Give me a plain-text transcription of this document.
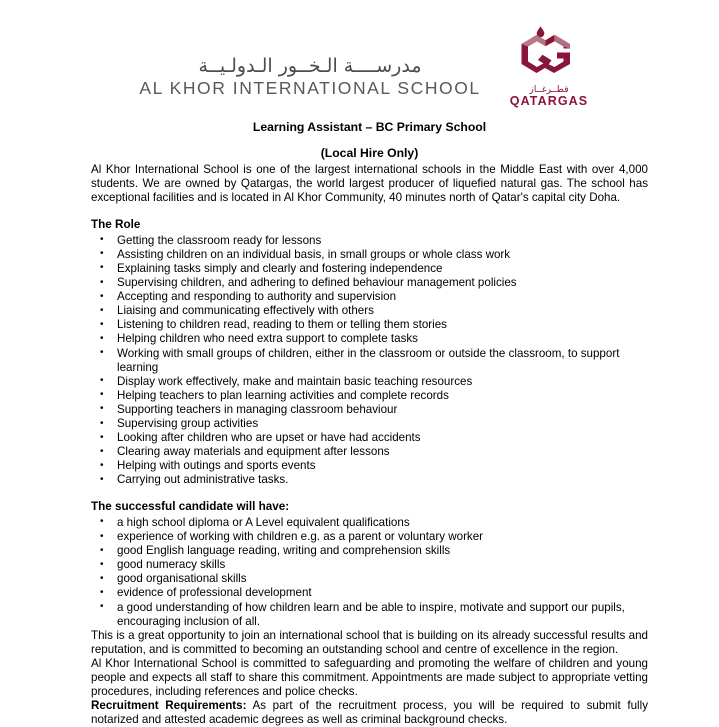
مدرســــة الـخــور الـدولـيــة
AL KHOR INTERNATIONAL SCHOOL	قطــرغــاز
QATARGAS
Learning Assistant – BC Primary School
(Local Hire Only)

Al Khor International School is one of the largest international schools in the Middle East with over 4,000 students. We are owned by Qatargas, the world largest producer of liquefied natural gas. The school has exceptional facilities and is located in Al Khor Community, 40 minutes north of Qatar's capital city Doha.

The Role
• Getting the classroom ready for lessons
• Assisting children on an individual basis, in small groups or whole class work
• Explaining tasks simply and clearly and fostering independence
• Supervising children, and adhering to defined behaviour management policies
• Accepting and responding to authority and supervision
• Liaising and communicating effectively with others
• Listening to children read, reading to them or telling them stories
• Helping children who need extra support to complete tasks
• Working with small groups of children, either in the classroom or outside the classroom, to support learning
• Display work effectively, make and maintain basic teaching resources
• Helping teachers to plan learning activities and complete records
• Supporting teachers in managing classroom behaviour
• Supervising group activities
• Looking after children who are upset or have had accidents
• Clearing away materials and equipment after lessons
• Helping with outings and sports events
• Carrying out administrative tasks.
The successful candidate will have:
• a high school diploma or A Level equivalent qualifications
• experience of working with children e.g. as a parent or voluntary worker
• good English language reading, writing and comprehension skills
• good numeracy skills
• good organisational skills
• evidence of professional development
• a good understanding of how children learn and be able to inspire, motivate and support our pupils, encouraging inclusion of all.

This is a great opportunity to join an international school that is building on its already successful results and reputation, and is committed to becoming an outstanding school and centre of excellence in the region.

Al Khor International School is committed to safeguarding and promoting the welfare of children and young people and expects all staff to share this commitment. Appointments are made subject to appropriate vetting procedures, including references and police checks.

Recruitment Requirements: As part of the recruitment process, you will be required to submit fully notarized and attested academic degrees as well as criminal background checks.
